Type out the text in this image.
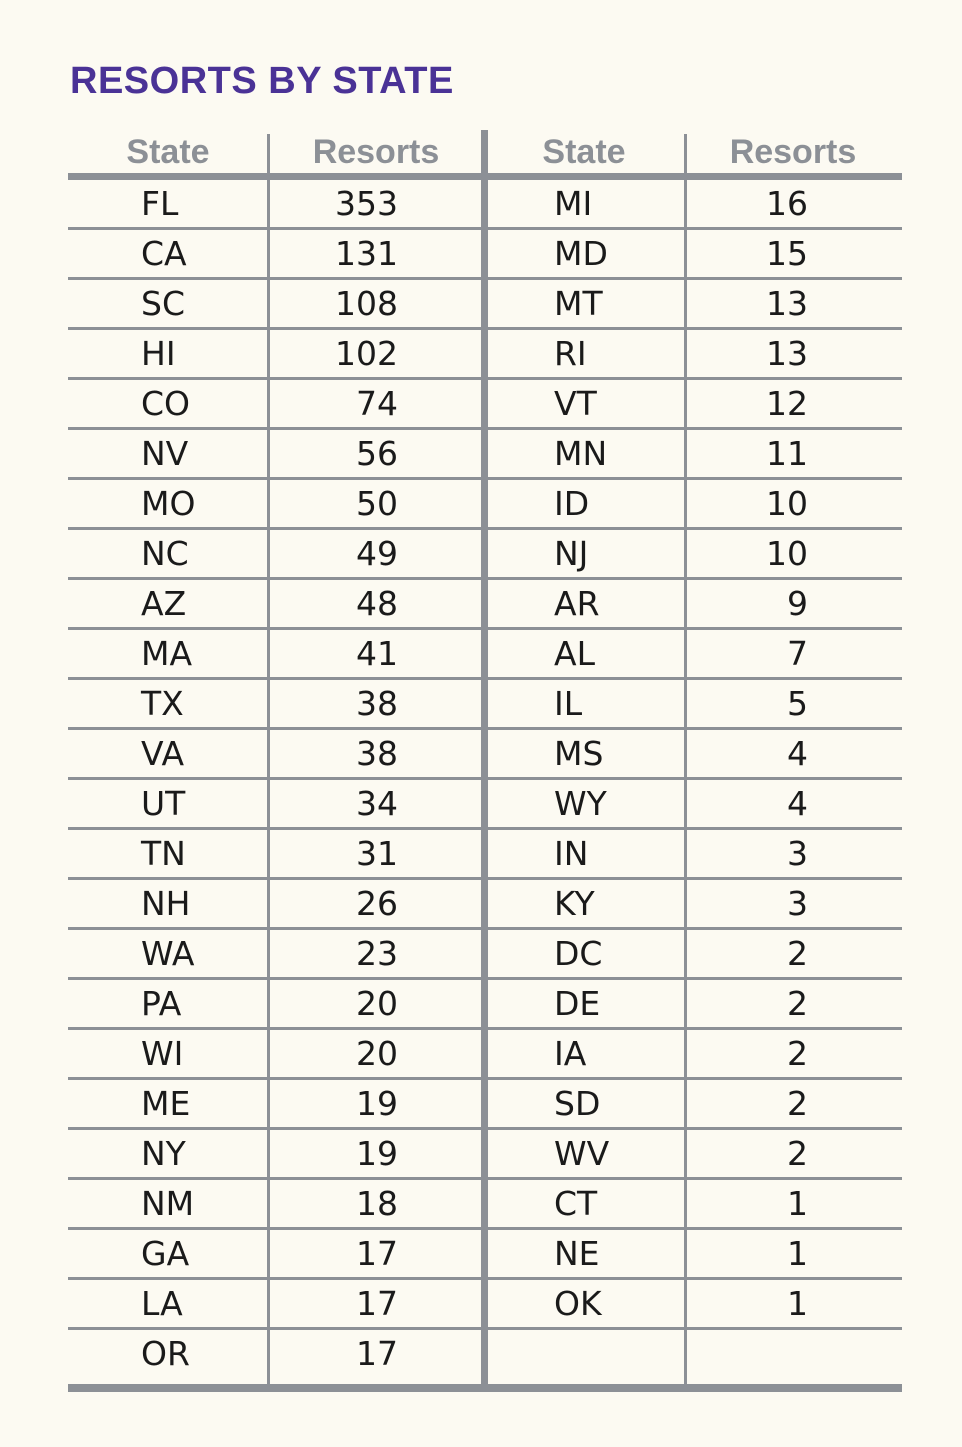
RESORTS BY STATE
State	Resorts	State	Resorts
FL	353	MI	16
CA	131	MD	15
SC	108	MT	13
HI	102	RI	13
CO	74	VT	12
NV	56	MN	11
MO	50	ID	10
NC	49	NJ	10
AZ	48	AR	9
MA	41	AL	7
TX	38	IL	5
VA	38	MS	4
UT	34	WY	4
TN	31	IN	3
NH	26	KY	3
WA	23	DC	2
PA	20	DE	2
WI	20	IA	2
ME	19	SD	2
NY	19	WV	2
NM	18	CT	1
GA	17	NE	1
LA	17	OK	1
OR	17
